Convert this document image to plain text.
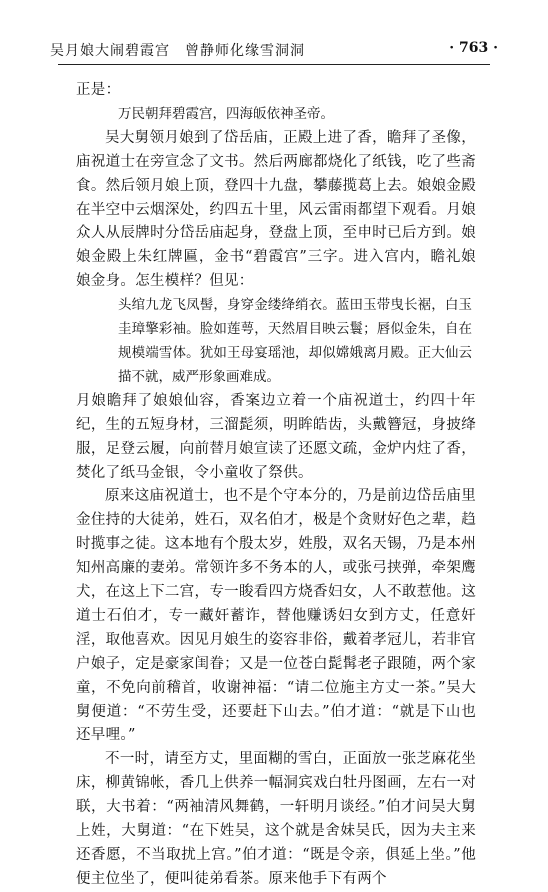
吴月娘大闹碧霞宫　曾静师化缘雪洞洞	· 763 ·

正是：

万民朝拜碧霞宫，四海皈依神圣帝。

吴大舅领月娘到了岱岳庙，正殿上进了香，瞻拜了圣像，庙祝道士在旁宣念了文书。然后两廊都烧化了纸钱，吃了些斋食。然后领月娘上顶，登四十九盘，攀藤揽葛上去。娘娘金殿在半空中云烟深处，约四五十里，风云雷雨都望下观看。月娘众人从辰牌时分岱岳庙起身，登盘上顶，至申时已后方到。娘娘金殿上朱红牌匾，金书“碧霞宫”三字。进入宫内，瞻礼娘娘金身。怎生模样？但见：

头绾九龙飞凤髻，身穿金缕绛绡衣。蓝田玉带曳长裾，白玉圭璋擎彩袖。脸如莲萼，天然眉目映云鬟；唇似金朱，自在规模端雪体。犹如王母宴瑶池，却似嫦娥离月殿。正大仙云描不就，威严形象画难成。

月娘瞻拜了娘娘仙容，香案边立着一个庙祝道士，约四十年纪，生的五短身材，三溜髭须，明眸皓齿，头戴簪冠，身披绛服，足登云履，向前替月娘宣读了还愿文疏，金炉内炷了香，焚化了纸马金银，令小童收了祭供。

原来这庙祝道士，也不是个守本分的，乃是前边岱岳庙里金住持的大徒弟，姓石，双名伯才，极是个贪财好色之辈，趋时揽事之徒。这本地有个殷太岁，姓殷，双名天锡，乃是本州知州高廉的妻弟。常领许多不务本的人，或张弓挟弹，牵架鹰犬，在这上下二宫，专一睃看四方烧香妇女，人不敢惹他。这道士石伯才，专一藏奸蓄诈，替他赚诱妇女到方丈，任意奸淫，取他喜欢。因见月娘生的姿容非俗，戴着孝冠儿，若非官户娘子，定是豪家闺眷；又是一位苍白髭髯老子跟随，两个家童，不免向前稽首，收谢神福：“请二位施主方丈一茶。”吴大舅便道：“不劳生受，还要赶下山去。”伯才道：“就是下山也还早哩。”

不一时，请至方丈，里面糊的雪白，正面放一张芝麻花坐床，柳黄锦帐，香几上供养一幅洞宾戏白牡丹图画，左右一对联，大书着：“两袖清风舞鹤，一轩明月谈经。”伯才问吴大舅上姓，大舅道：“在下姓吴，这个就是舍妹吴氏，因为夫主来还香愿，不当取扰上宫。”伯才道：“既是令亲，俱延上坐。”他便主位坐了，便叫徒弟看茶。原来他手下有两个
